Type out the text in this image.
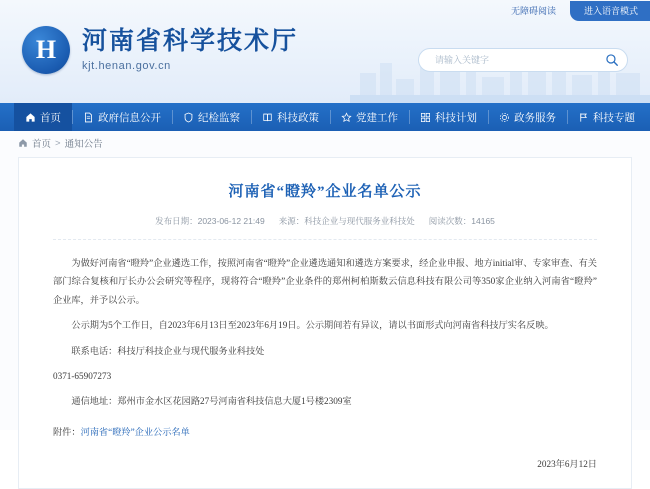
无障碍阅读	进入语音模式
H
河南省科学技术厅
kjt.henan.gov.cn
请输入关键字
首页	政府信息公开	纪检监察	科技政策	党建工作	科技计划	政务服务	科技专题
首页 > 通知公告
河南省“瞪羚”企业名单公示
发布日期：2023-06-12 21:49 来源：科技企业与现代服务业科技处 阅读次数：14165

为做好河南省“瞪羚”企业遴选工作，按照河南省“瞪羚”企业遴选通知和遴选方案要求，经企业申报、地方initial审、专家审查、有关部门综合复核和厅长办公会研究等程序，现将符合“瞪羚”企业条件的郑州柯柏斯数云信息科技有限公司等350家企业纳入河南省“瞪羚”企业库，并予以公示。

公示期为5个工作日，自2023年6月13日至2023年6月19日。公示期间若有异议，请以书面形式向河南省科技厅实名反映。

联系电话：科技厅科技企业与现代服务业科技处

0371-65907273

通信地址：郑州市金水区花园路27号河南省科技信息大厦1号楼2309室

附件：河南省“瞪羚”企业公示名单
2023年6月12日
